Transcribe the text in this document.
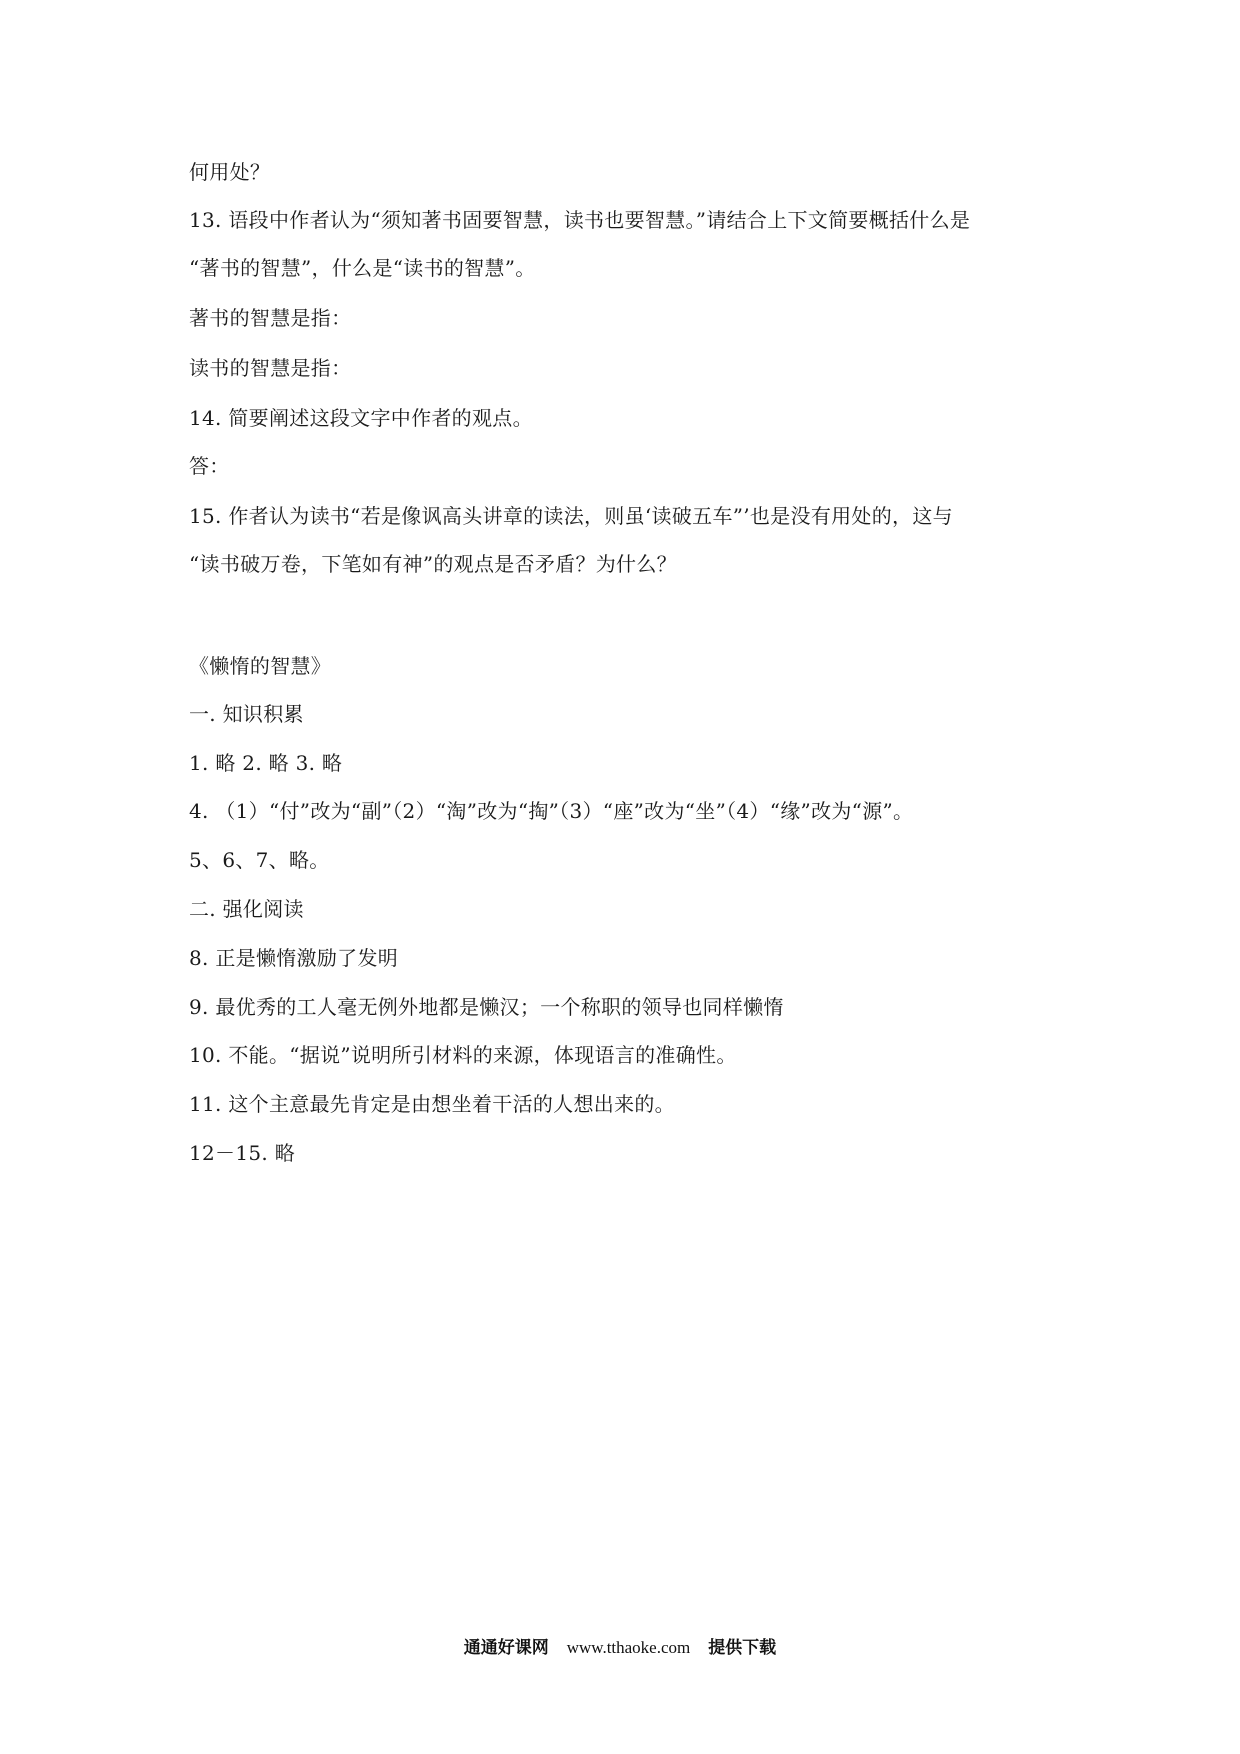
何用处？
13. 语段中作者认为“须知著书固要智慧，读书也要智慧。”请结合上下文简要概括什么是
“著书的智慧”，什么是“读书的智慧”。
著书的智慧是指：
读书的智慧是指：
14. 简要阐述这段文字中作者的观点。
答：
15. 作者认为读书“若是像讽高头讲章的读法，则虽‘读破五车”’也是没有用处的，这与
“读书破万卷，下笔如有神”的观点是否矛盾？为什么？
《懒惰的智慧》
一. 知识积累
1. 略 2. 略 3. 略
4. （1）“付”改为“副”（2）“淘”改为“掏”（3）“座”改为“坐”（4）“缘”改为“源”。
5、6、7、略。
二. 强化阅读
8. 正是懒惰激励了发明
9. 最优秀的工人毫无例外地都是懒汉；一个称职的领导也同样懒惰
10. 不能。“据说”说明所引材料的来源，体现语言的准确性。
11. 这个主意最先肯定是由想坐着干活的人想出来的。
12－15. 略
通通好课网 www.tthaoke.com 提供下载
